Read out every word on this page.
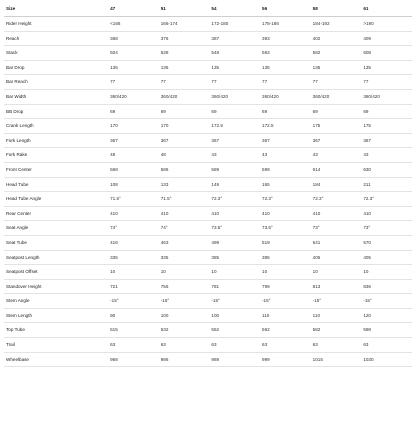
Size	47	51	54	56	58	61
Rider Height	<166	166-174	172-180	178-186	184-192	>190
Reach	368	376	387	393	402	409
Stack	504	528	548	563	582	608
Bar Drop	135	135	135	135	135	135
Bar Reach	77	77	77	77	77	77
Bar Width	360/420	360/420	360/420	360/420	360/420	360/420
BB Drop	69	69	69	69	69	69
Crank Length	170	170	172.5	172.5	175	175
Fork Length	367	367	367	367	367	367
Fork Rake	48	48	43	43	43	43
Front Center	568	586	589	599	614	630
Head Tube	108	133	149	165	184	211
Head Tube Angle	71.5°	71.5°	72.3°	72.3°	72.3°	72.3°
Rear Center	410	410	410	410	410	410
Seat Angle	74°	74°	73.5°	73.5°	73°	73°
Seat Tube	416	463	499	519	541	570
Seatpost Length	335	335	385	385	405	405
Seatpost Offset	10	10	10	10	10	10
Standover Height	721	755	781	799	813	836
Stem Angle	-15°	-15°	-15°	-15°	-15°	-15°
Stem Length	90	100	100	110	110	120
Top Tube	515	532	552	562	582	598
Trail	63	63	63	63	63	63
Wheelbase	968	986	989	999	1015	1030
